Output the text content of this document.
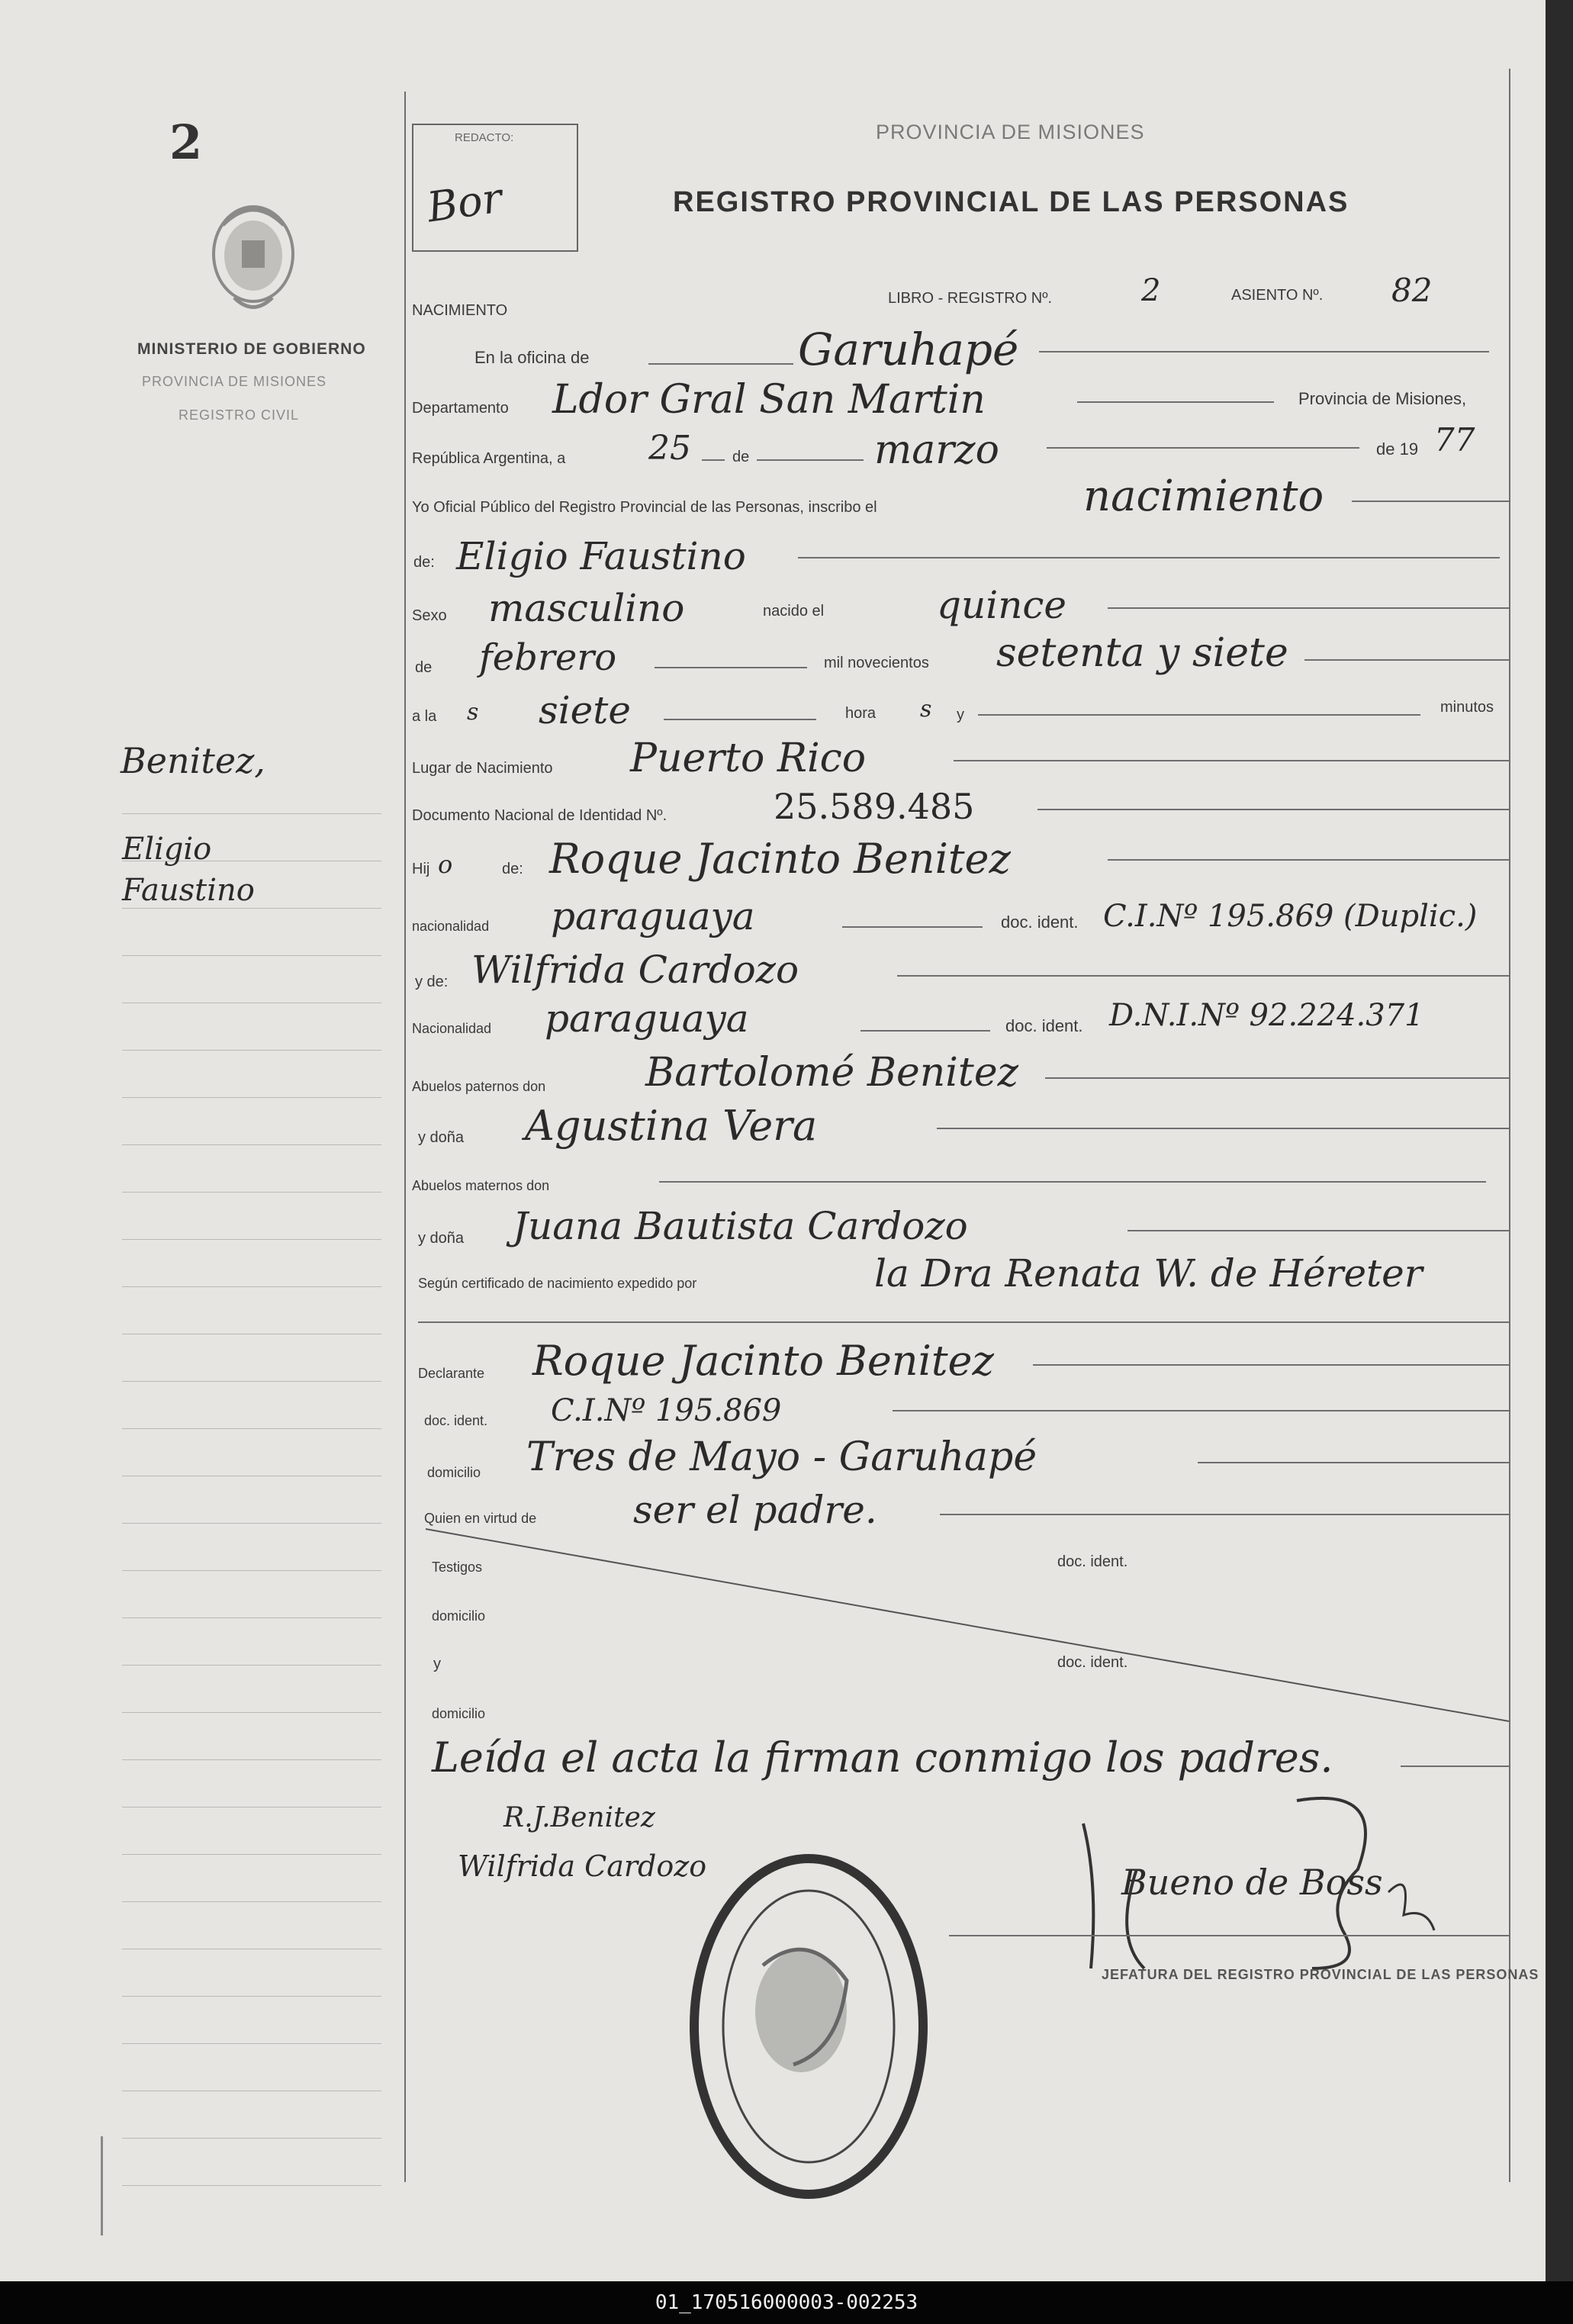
2
MINISTERIO DE GOBIERNO
PROVINCIA DE MISIONES
REGISTRO CIVIL
Benitez,
Eligio
Faustino
REDACTO:
Bor
PROVINCIA DE MISIONES
REGISTRO PROVINCIAL DE LAS PERSONAS
NACIMIENTO
LIBRO - REGISTRO Nº.	2	ASIENTO Nº. 82
En la oficina de	Garuhapé
Departamento Ldor Gral San Martin	Provincia de Misiones,
República Argentina, a 25	de	marzo	de 19 77
Yo Oficial Público del Registro Provincial de las Personas, inscribo el	nacimiento
de: Eligio Faustino
Sexo masculino	nacido el	quince
de febrero	mil novecientos setenta y siete
a la s siete	hora s y	minutos
Lugar de Nacimiento Puerto Rico
Documento Nacional de Identidad Nº.	25.589.485
Hij o	de: Roque Jacinto Benitez
nacionalidad paraguaya	doc. ident. C.I.Nº 195.869 (Duplic.)
y de: Wilfrida Cardozo
Nacionalidad paraguaya	doc. ident. D.N.I.Nº 92.224.371
Abuelos paternos don	Bartolomé Benitez
y doña Agustina Vera
Abuelos maternos don
y doña Juana Bautista Cardozo
Según certificado de nacimiento expedido por	la Dra Renata W. de Héreter
Declarante Roque Jacinto Benitez
doc. ident. C.I.Nº 195.869
domicilio Tres de Mayo - Garuhapé
Quien en virtud de	ser el padre.
Testigos	doc. ident.
domicilio
y	doc. ident.
domicilio
Leída el acta la firman conmigo los padres.
R.J.Benitez
Wilfrida Cardozo	Bueno de Boss
JEFATURA DEL REGISTRO PROVINCIAL DE LAS PERSONAS
01_170516000003-002253
